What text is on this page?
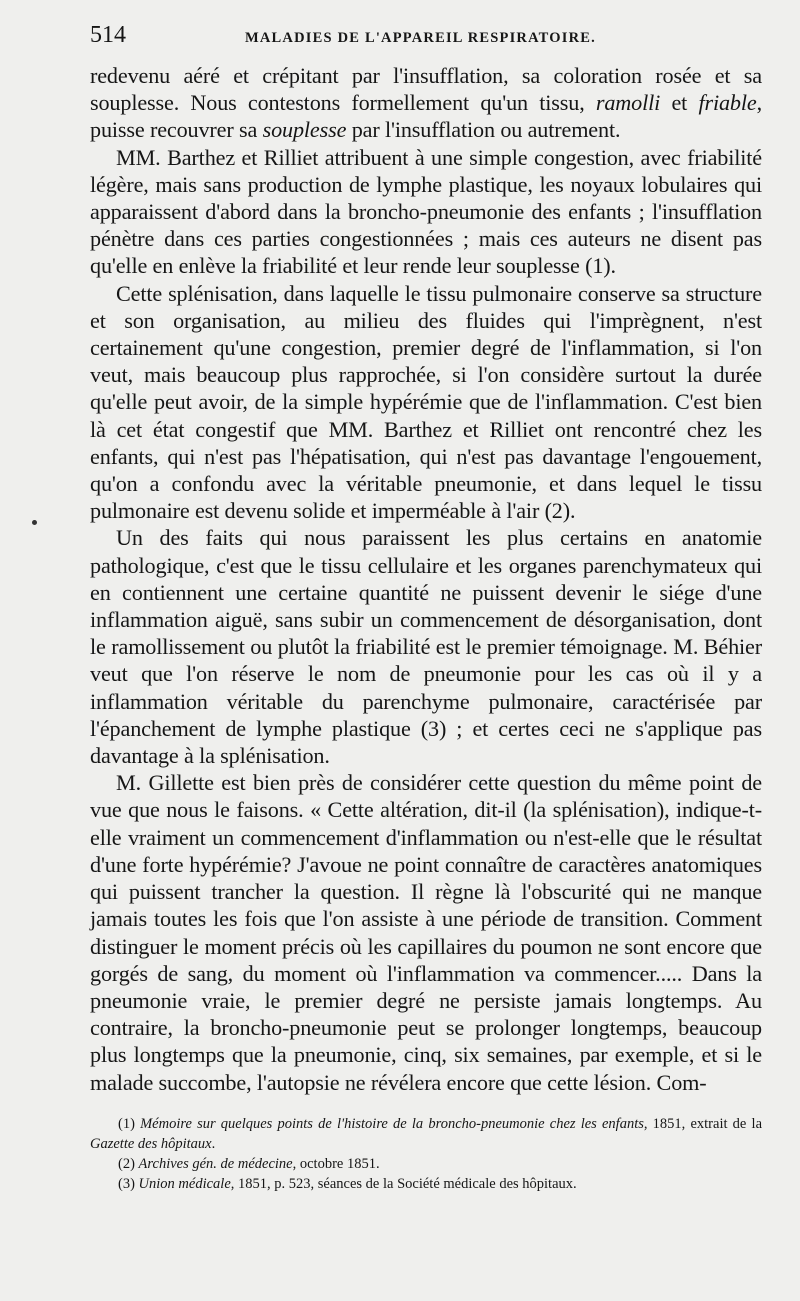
514	MALADIES DE L'APPAREIL RESPIRATOIRE.

redevenu aéré et crépitant par l'insufflation, sa coloration rosée et sa souplesse. Nous contestons formellement qu'un tissu, ramolli et friable, puisse recouvrer sa souplesse par l'insufflation ou autrement.

MM. Barthez et Rilliet attribuent à une simple congestion, avec friabilité légère, mais sans production de lymphe plastique, les noyaux lobulaires qui apparaissent d'abord dans la broncho-pneumonie des enfants ; l'insufflation pénètre dans ces parties congestionnées ; mais ces auteurs ne disent pas qu'elle en enlève la friabilité et leur rende leur souplesse (1).

Cette splénisation, dans laquelle le tissu pulmonaire conserve sa structure et son organisation, au milieu des fluides qui l'imprègnent, n'est certainement qu'une congestion, premier degré de l'inflammation, si l'on veut, mais beaucoup plus rapprochée, si l'on considère surtout la durée qu'elle peut avoir, de la simple hypérémie que de l'inflammation. C'est bien là cet état congestif que MM. Barthez et Rilliet ont rencontré chez les enfants, qui n'est pas l'hépatisation, qui n'est pas davantage l'engouement, qu'on a confondu avec la véritable pneumonie, et dans lequel le tissu pulmonaire est devenu solide et imperméable à l'air (2).

Un des faits qui nous paraissent les plus certains en anatomie pathologique, c'est que le tissu cellulaire et les organes parenchymateux qui en contiennent une certaine quantité ne puissent devenir le siége d'une inflammation aiguë, sans subir un commencement de désorganisation, dont le ramollissement ou plutôt la friabilité est le premier témoignage. M. Béhier veut que l'on réserve le nom de pneumonie pour les cas où il y a inflammation véritable du parenchyme pulmonaire, caractérisée par l'épanchement de lymphe plastique (3) ; et certes ceci ne s'applique pas davantage à la splénisation.

M. Gillette est bien près de considérer cette question du même point de vue que nous le faisons. « Cette altération, dit-il (la splénisation), indique-t-elle vraiment un commencement d'inflammation ou n'est-elle que le résultat d'une forte hypérémie? J'avoue ne point connaître de caractères anatomiques qui puissent trancher la question. Il règne là l'obscurité qui ne manque jamais toutes les fois que l'on assiste à une période de transition. Comment distinguer le moment précis où les capillaires du poumon ne sont encore que gorgés de sang, du moment où l'inflammation va commencer..... Dans la pneumonie vraie, le premier degré ne persiste jamais longtemps. Au contraire, la broncho-pneumonie peut se prolonger longtemps, beaucoup plus longtemps que la pneumonie, cinq, six semaines, par exemple, et si le malade succombe, l'autopsie ne révélera encore que cette lésion. Com-

(1) Mémoire sur quelques points de l'histoire de la broncho-pneumonie chez les enfants, 1851, extrait de la Gazette des hôpitaux.

(2) Archives gén. de médecine, octobre 1851.

(3) Union médicale, 1851, p. 523, séances de la Société médicale des hôpitaux.
